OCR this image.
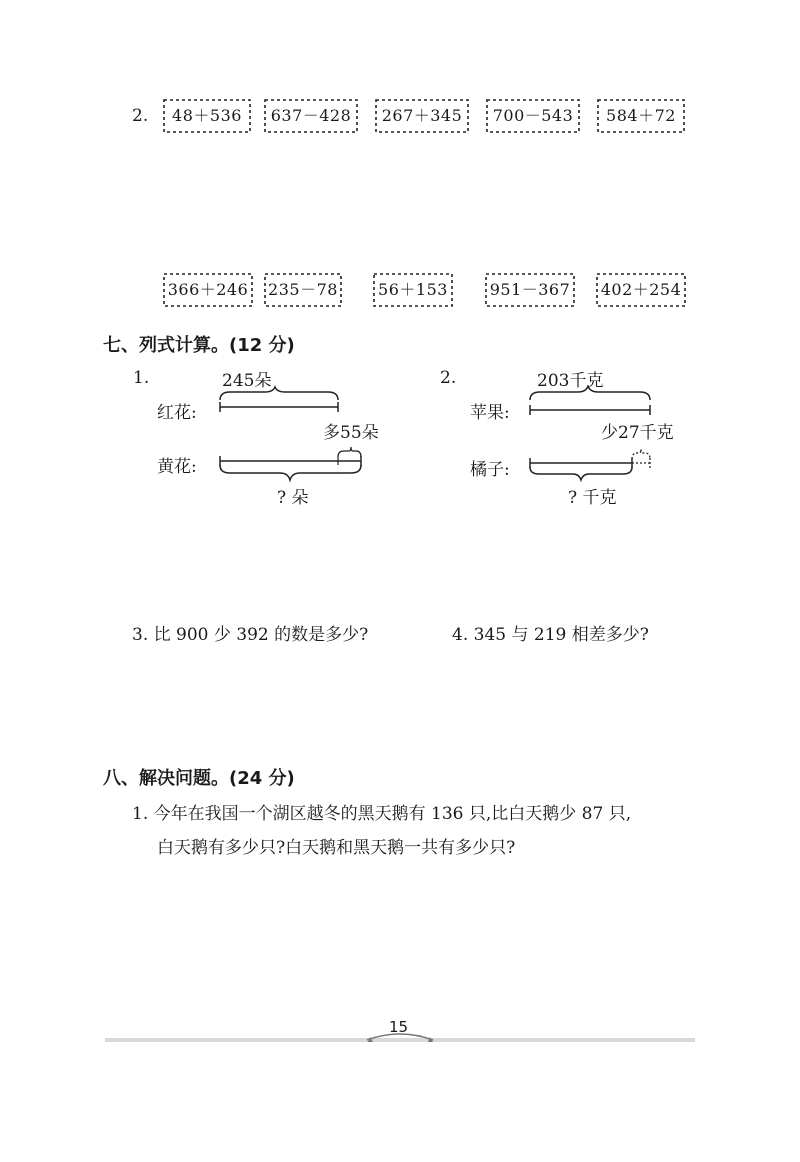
2.	48＋536	637－428	267＋345	700－543	584＋72
366＋246	235－78	56＋153	951－367	402＋254
七、列式计算。(12 分)
1.	245朵
红花:
多55朵
黄花:
? 朵
2.	203千克
苹果:
少27千克
橘子:
? 千克
3. 比 900 少 392 的数是多少?	4. 345 与 219 相差多少?
八、解决问题。(24 分)
1. 今年在我国一个湖区越冬的黑天鹅有 136 只,比白天鹅少 87 只,
白天鹅有多少只?白天鹅和黑天鹅一共有多少只?
15
